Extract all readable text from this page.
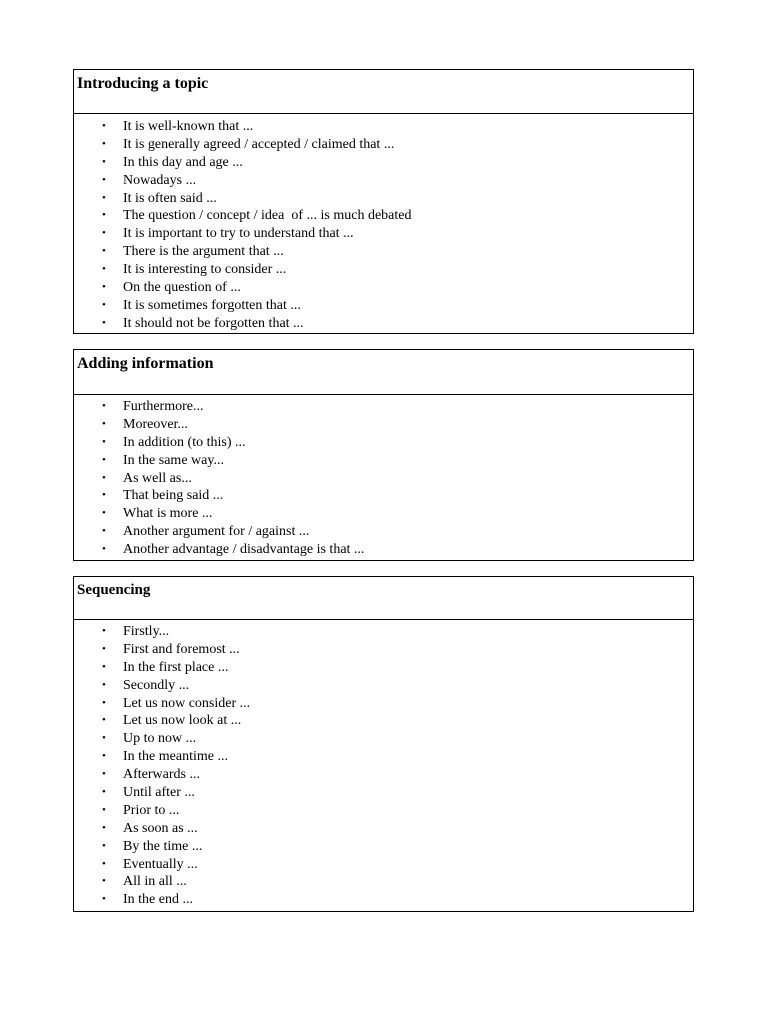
Introducing a topic
• It is well-known that ...
• It is generally agreed / accepted / claimed that ...
• In this day and age ...
• Nowadays ...
• It is often said ...
• The question / concept / idea  of ... is much debated
• It is important to try to understand that ...
• There is the argument that ...
• It is interesting to consider ...
• On the question of ...
• It is sometimes forgotten that ...
• It should not be forgotten that ...
Adding information
• Furthermore...
• Moreover...
• In addition (to this) ...
• In the same way...
• As well as...
• That being said ...
• What is more ...
• Another argument for / against ...
• Another advantage / disadvantage is that ...
Sequencing
• Firstly...
• First and foremost ...
• In the first place ...
• Secondly ...
• Let us now consider ...
• Let us now look at ...
• Up to now ...
• In the meantime ...
• Afterwards ...
• Until after ...
• Prior to ...
• As soon as ...
• By the time ...
• Eventually ...
• All in all ...
• In the end ...
